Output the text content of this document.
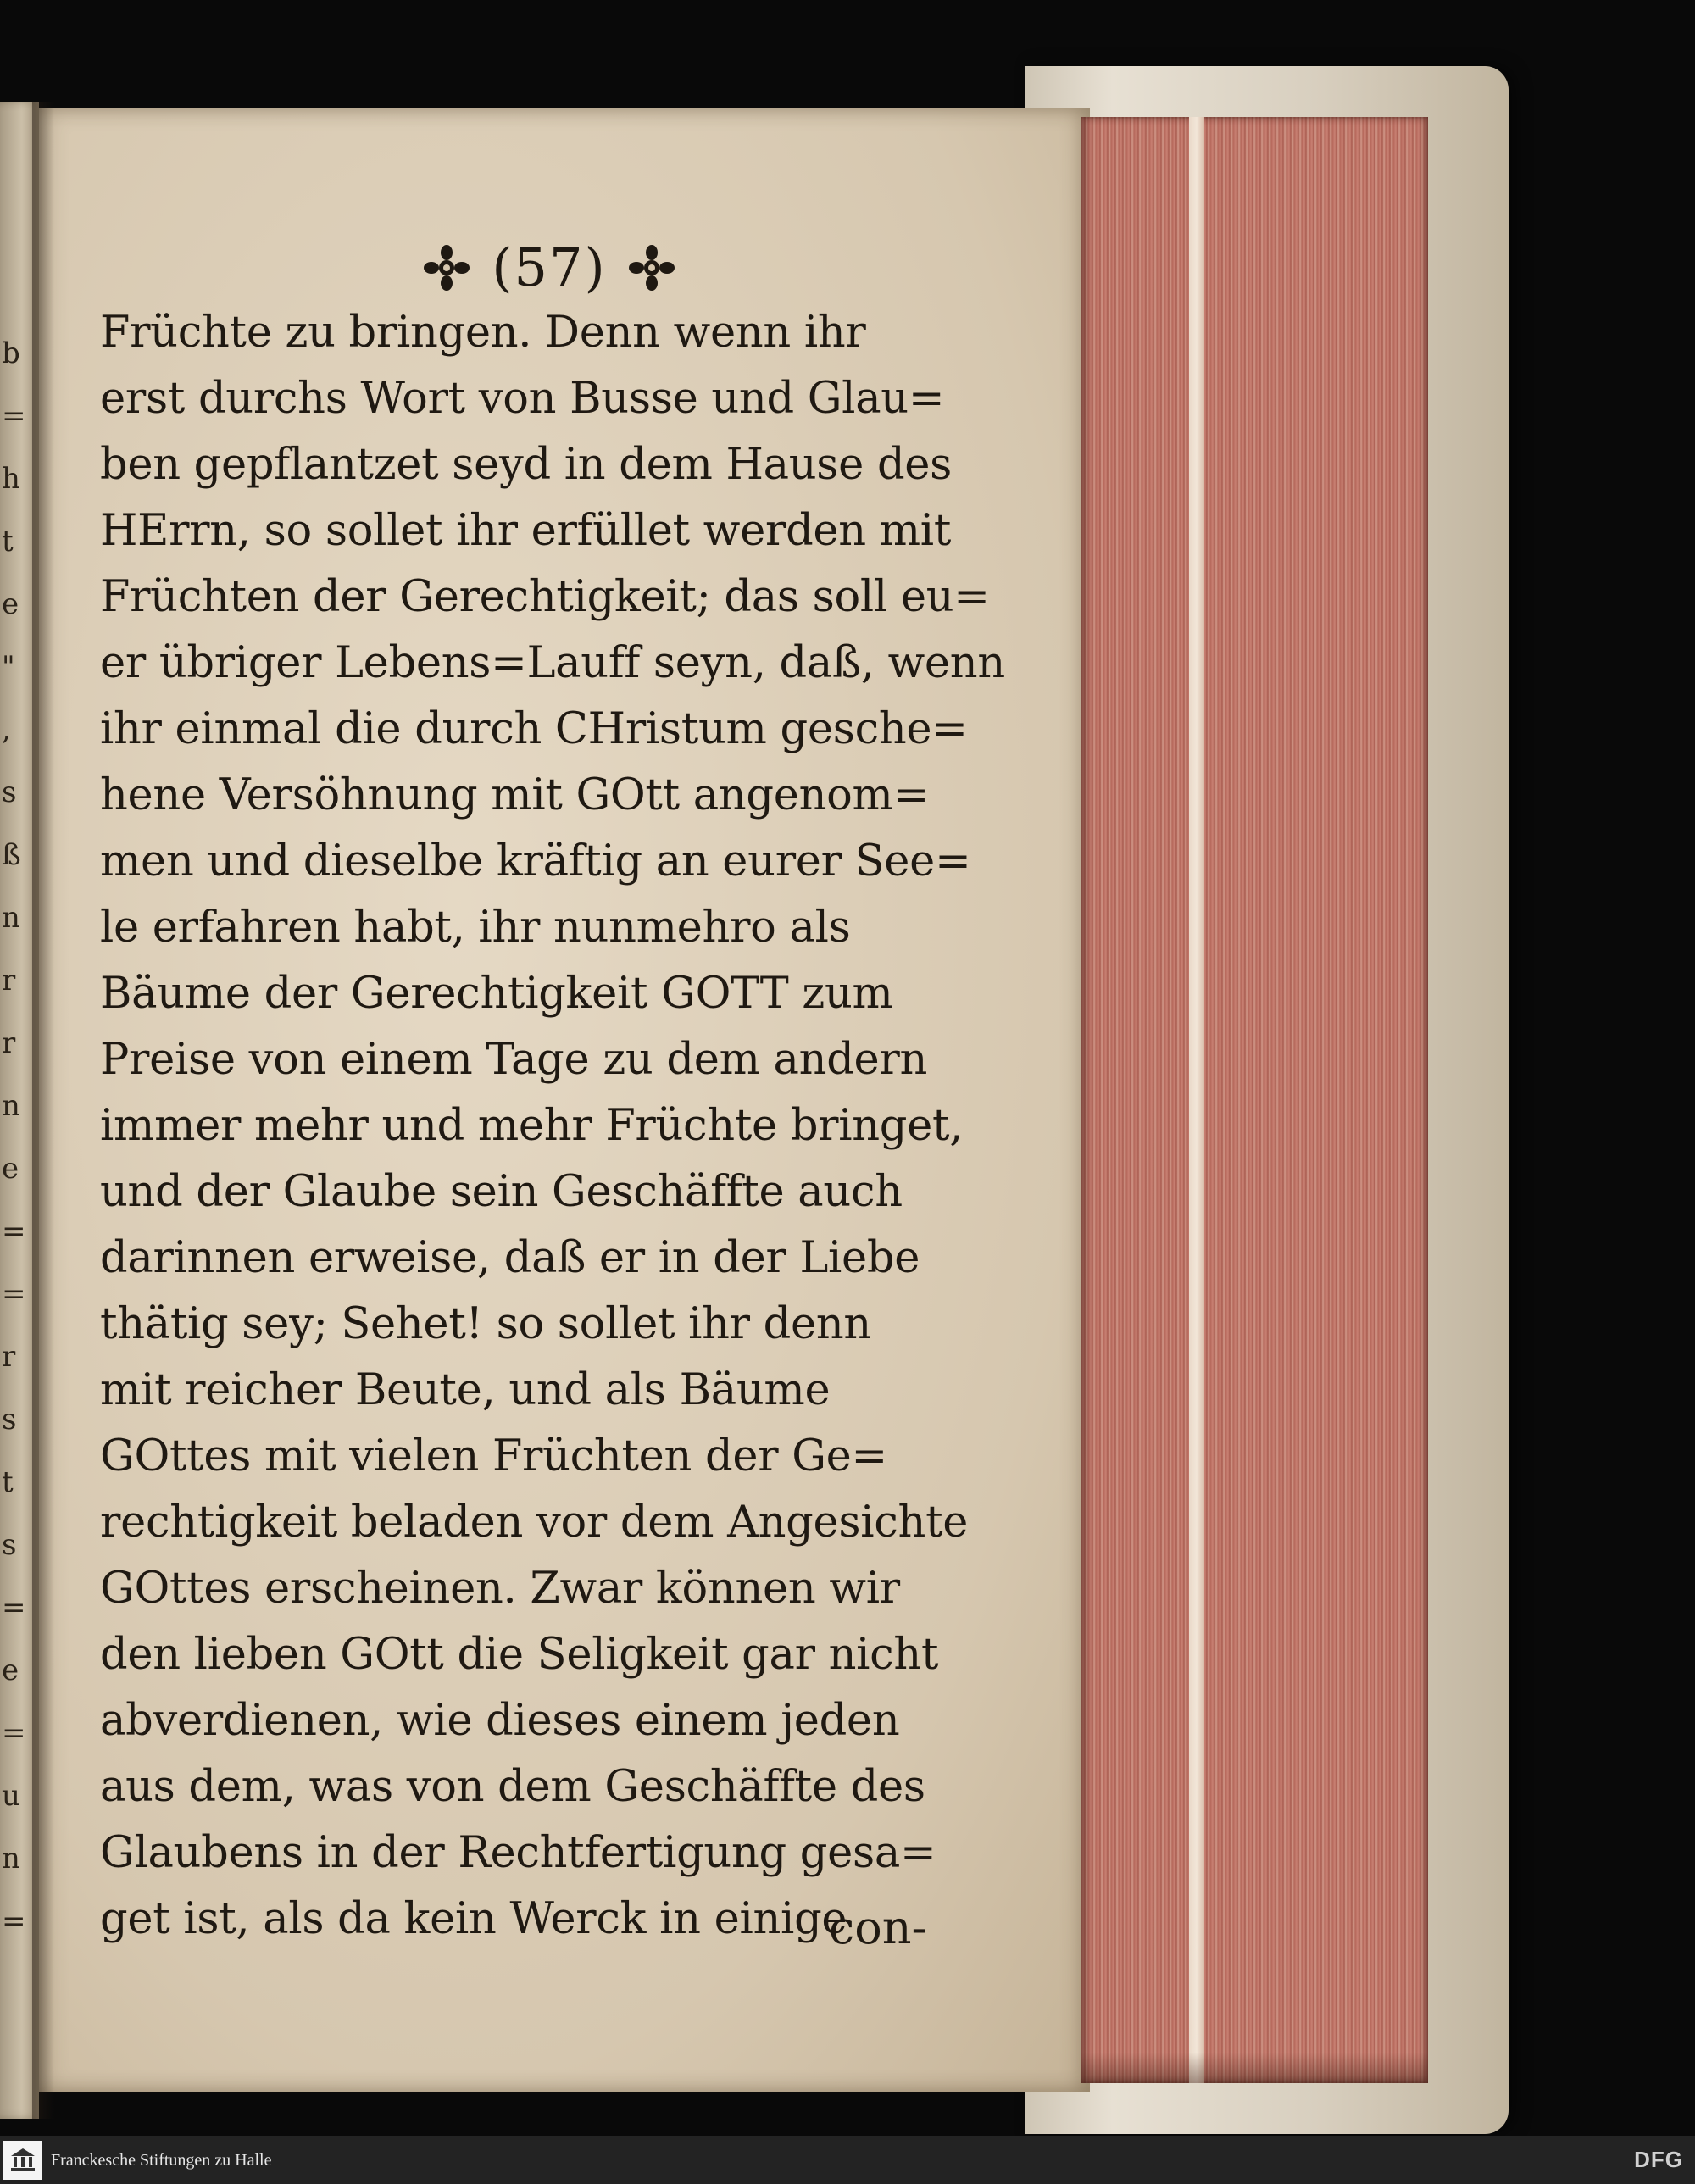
b
=
h
t
e
"
,
s
ß
n
r
r
n
e
=
=
r
s
t
s
=
e
=
u
n
=
(57)
Früchte zu bringen. Denn wenn ihr
erst durchs Wort von Busse und Glau=
ben gepflantzet seyd in dem Hause des
HErrn, so sollet ihr erfüllet werden mit
Früchten der Gerechtigkeit; das soll eu=
er übriger Lebens=Lauff seyn, daß, wenn
ihr einmal die durch CHristum gesche=
hene Versöhnung mit GOtt angenom=
men und dieselbe kräftig an eurer See=
le erfahren habt, ihr nunmehro als
Bäume der Gerechtigkeit GOTT zum
Preise von einem Tage zu dem andern
immer mehr und mehr Früchte bringet,
und der Glaube sein Geschäffte auch
darinnen erweise, daß er in der Liebe
thätig sey; Sehet! so sollet ihr denn
mit reicher Beute, und als Bäume
GOttes mit vielen Früchten der Ge=
rechtigkeit beladen vor dem Angesichte
GOttes erscheinen. Zwar können wir
den lieben GOtt die Seligkeit gar nicht
abverdienen, wie dieses einem jeden
aus dem, was von dem Geschäffte des
Glaubens in der Rechtfertigung gesa=
get ist, als da kein Werck in einige
con-
Franckesche Stiftungen zu Halle	DFG
